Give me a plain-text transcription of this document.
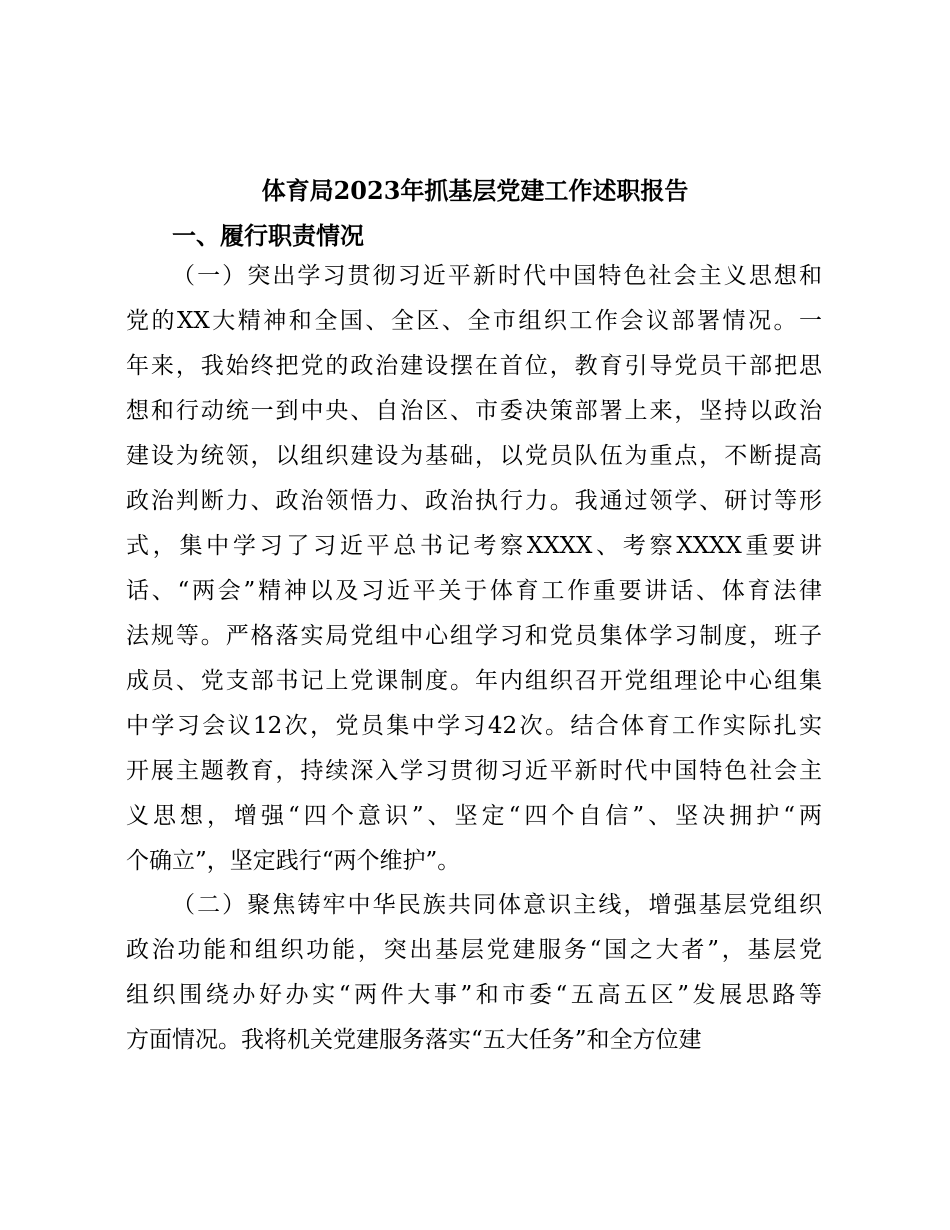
体育局2023年抓基层党建工作述职报告
一、履行职责情况
（一）突出学习贯彻习近平新时代中国特色社会主义思想和
党的XX大精神和全国、全区、全市组织工作会议部署情况。一
年来，我始终把党的政治建设摆在首位，教育引导党员干部把思
想和行动统一到中央、自治区、市委决策部署上来，坚持以政治
建设为统领，以组织建设为基础，以党员队伍为重点，不断提高
政治判断力、政治领悟力、政治执行力。我通过领学、研讨等形
式，集中学习了习近平总书记考察XXXX、考察XXXX重要讲
话、“两会”精神以及习近平关于体育工作重要讲话、体育法律
法规等。严格落实局党组中心组学习和党员集体学习制度，班子
成员、党支部书记上党课制度。年内组织召开党组理论中心组集
中学习会议12次，党员集中学习42次。结合体育工作实际扎实
开展主题教育，持续深入学习贯彻习近平新时代中国特色社会主
义思想，增强“四个意识”、坚定“四个自信”、坚决拥护“两
个确立”，坚定践行“两个维护”。
（二）聚焦铸牢中华民族共同体意识主线，增强基层党组织
政治功能和组织功能，突出基层党建服务“国之大者”，基层党
组织围绕办好办实“两件大事”和市委“五高五区”发展思路等
方面情况。我将机关党建服务落实“五大任务”和全方位建
